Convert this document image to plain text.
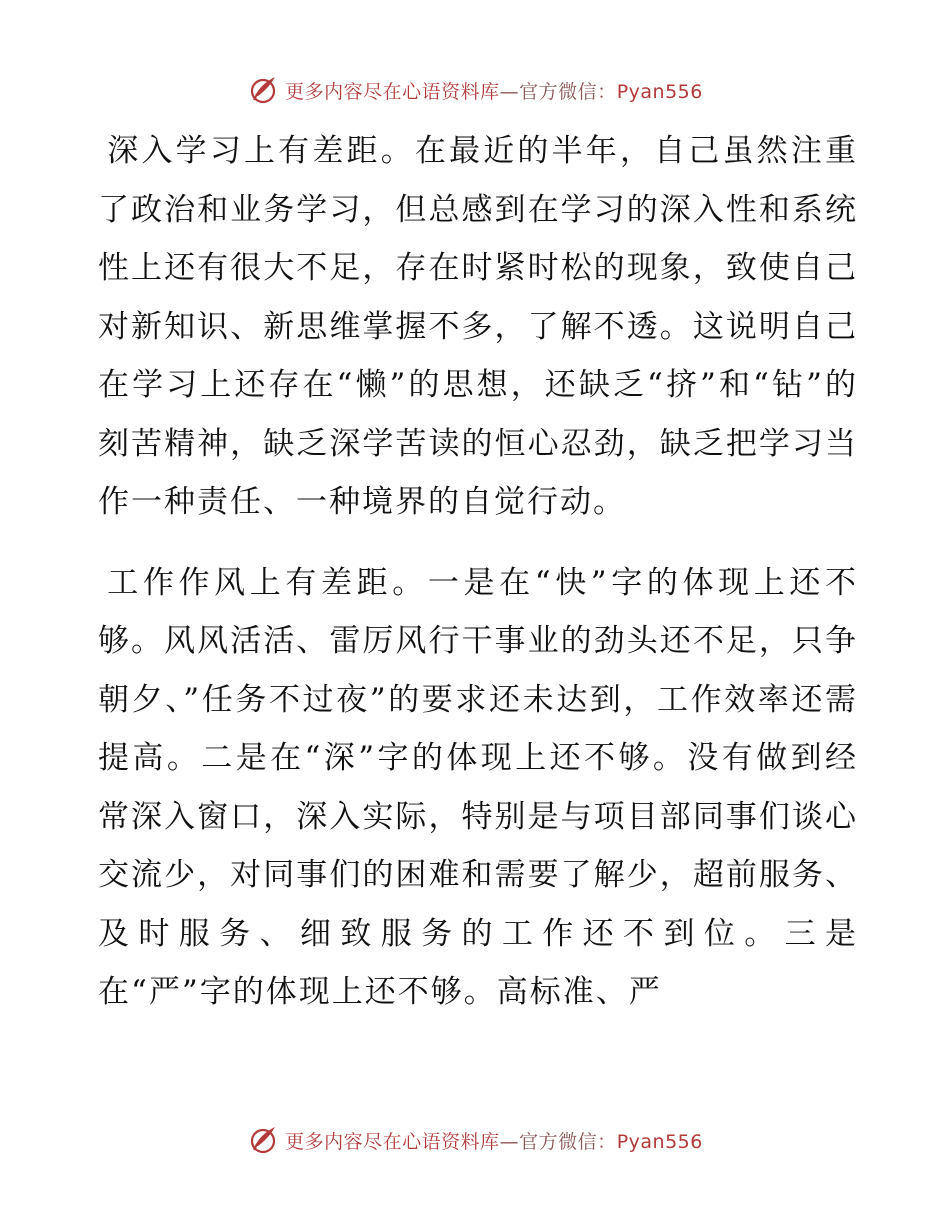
更多内容尽在心语资料库—官方微信：Pyan556

深入学习上有差距。在最近的半年，自己虽然注重了政治和业务学习，但总感到在学习的深入性和系统性上还有很大不足，存在时紧时松的现象，致使自己对新知识、新思维掌握不多，了解不透。这说明自己在学习上还存在“懒”的思想，还缺乏“挤”和“钻”的刻苦精神，缺乏深学苦读的恒心忍劲，缺乏把学习当作一种责任、一种境界的自觉行动。

工作作风上有差距。一是在“快”字的体现上还不够。风风活活、雷厉风行干事业的劲头还不足，只争朝夕、”任务不过夜”的要求还未达到，工作效率还需提高。二是在“深”字的体现上还不够。没有做到经常深入窗口，深入实际，特别是与项目部同事们谈心交流少，对同事们的困难和需要了解少，超前服务、及时服务、细致服务的工作还不到位。三是在“严”字的体现上还不够。高标准、严

更多内容尽在心语资料库—官方微信：Pyan556
